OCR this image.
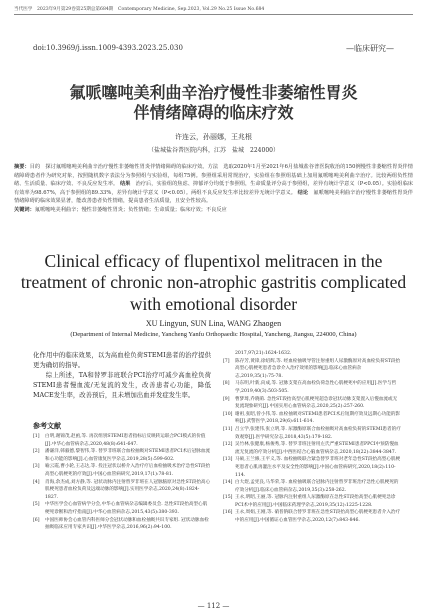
当代医学　2023年9月第29卷第25期总第684期　Contemporary Medicine, Sep.2023, Vol.29 No.25 Issue No.684
doi:10.3969/j.issn.1009-4393.2023.25.030	—临床研究—
氟哌噻吨美利曲辛治疗慢性非萎缩性胃炎
伴情绪障碍的临床疗效
许连云，孙丽娜，王兆根
（盐城盐谷普医院内科，江苏　盐城　224000）
摘要：目的　探讨氟哌噻吨美利曲辛治疗慢性非萎缩性胃炎伴情绪障碍的临床疗效。方法　选取2020年1月至2021年6月盐城盐谷普医院收治的150例慢性非萎缩性胃炎伴情绪障碍患者作为研究对象，按照随机数字表法分为参照组与实验组，每组75例。参照组采用常规治疗，实验组在参照组基础上加用氟哌噻吨美利曲辛治疗。比较两组负性情绪、生活质量、临床疗效、不良反应发生率。 结果　 治疗后，实验组的焦虑、抑郁评分均低于参照组，生命质量评分高于参照组，差异有统计学意义（P<0.05）。实验组临床有效率为98.67%，高于参照组的89.33%，差异有统计学意义（P<0.05）。两组不良反应发生率比较差异无统计学意义。 结论　 氟哌噻吨美利曲辛治疗慢性非萎缩性胃炎伴情绪障碍的临床效果显著，能改善患者负性情绪，提高患者生活质量，且安全性较高。
关键词：氟哌噻吨美利曲辛；慢性非萎缩性胃炎；负性情绪；生命质量；临床疗效；不良反应
Clinical efficacy of flupentixol melitracen in the
treatment of chronic non-atrophic gastritis complicated
with emotional disorder
XU Lingyun, SUN Lina, WANG Zhaogen
(Department of Internal Medicine, Yancheng Yanfu Orthopaedic Hospital, Yancheng, Jiangsu, 224000, China)

化作用中的临床效果，以为高血栓负荷STEMI患者的治疗提供更为确切的指导。

综上所述，TA和替罗非班联合PCI治疗可减少高血栓负荷STEMI患者慢血流/无复流的发生，改善患者心功能，降低MACE发生率，改善预后，且未增加出血并发症发生率。

参考文献
[1]	白明,谢锦茂,赵函,等. 再次组别STEMI患者指标后反映转运联合PCI模式的价值[J].中华心血管病杂志,2020,48(8):641-647.
[2]	潘谦洋,韩毅德,黎智伟,等. 替罗非班联合血栓抽吸对STEMI患者PCI术后冠脉血流和心功能的影响[J].心血管康复医学杂志,2019,28(5):599-602.
[3]	喻云霞,曹小轮,王志达,等. 投注冠状以桥介入治疗疗后血栓抽吸术治疗急性ST段抬高型心肌梗死的疗效[J].中国心血管病研究,2019,17(1):78-81.
[4]	肖海,余杰成,刘方静,等. 冠状动脉内注射替罗非班在人冠脉脑原对急性ST段抬高心肌梗死患者血栓负荷及远端动脉的影响[J].实用医学杂志,2020,24(8):1824-1827.
[5]	中华医学会心血管病学分会,中华心血管病杂志编辑委员会. 急性ST段抬高型心肌梗死诊断和治疗指南[J].中华心血管病杂志,2015,43(5):380-393.
[6]	中国医师协会心血管内科医师分会冠状动脉和血栓抽吸共识专家组. 冠状动脉血栓抽吸临床应用专家共识[J].中华医学杂志,2016,96(2):94-100.
2017,97(21):1624-1632.
[7]	陈存芳,黄锋,徐绍辉,等. 经血栓抽吸导管注射重组人尿激酶原对高血栓负荷ST段抬高型心肌梗死患者急诊介入治疗效果的影响[J].临床心血管病杂志,2019,35(1):75-78.
[8]	马东明,叶新,向成,等. 冠脉支架在高血栓负荷急性心肌梗死中的应用[J].医学与哲学,2019,40(3):503-505.
[9]	曹梦琦,乔晓萌. 急性ST段抬高型心肌梗死超急诊冠状动脉支架置入后慢血流或无复流现象研究[J].中国实用心血管病杂志,2020,25(2):257-260.
[10] 谢祖,张昭,曾小伟,等. 血栓抽吸对STEMI患者PCI术后短期疗效及远期心功能的影响[J].武警医学,2018,29(6):611-614.
[11] 吕立学,张建伟,张立明,等. 尿激酶原联合血栓抽吸对高血栓负荷的STEMI患者的疗效观察[J].医学研究杂志,2018,43(5):179-182.
[12] 吴竹林,张健康,杨俊秀,等. 替罗非班注射用左氏严重STEMI患者PPCI中预防慢血流无复流的疗效分析[J].中西医结合心脑血管病杂志,2020,18(22):3844-3847.
[13] 马硕,王兰修,王平义,等. 血栓抽吸联合紧急替罗非班对老年急性ST段抬高型心肌梗死患者心肌再灌注水平及安全性的影响[J].中国心血管病研究,2020,18(2):110-114.
[14] 白大煜,孟宪良,马华荣,等. 血栓抽吸联合冠脉内注射替罗非班治疗急性心肌梗死的疗效分析[J].临床心血管病杂志,2019,35(3):258-262.
[15] 王永,明昭,王丽,等. 冠脉内注射重组人尿激酶原在急性ST段抬高型心肌梗死急诊PCI术中的应用[J].中国临床药理学杂志,2019,35(12):1225-1228.
[16] 王永,周娟,王刚,等. 硝普钠联合替罗非班在急性ST段抬高型心肌梗死患者介入治疗中的应用[J].中国循证心血管医学杂志,2020,12(7):843-846.
— 112 —
